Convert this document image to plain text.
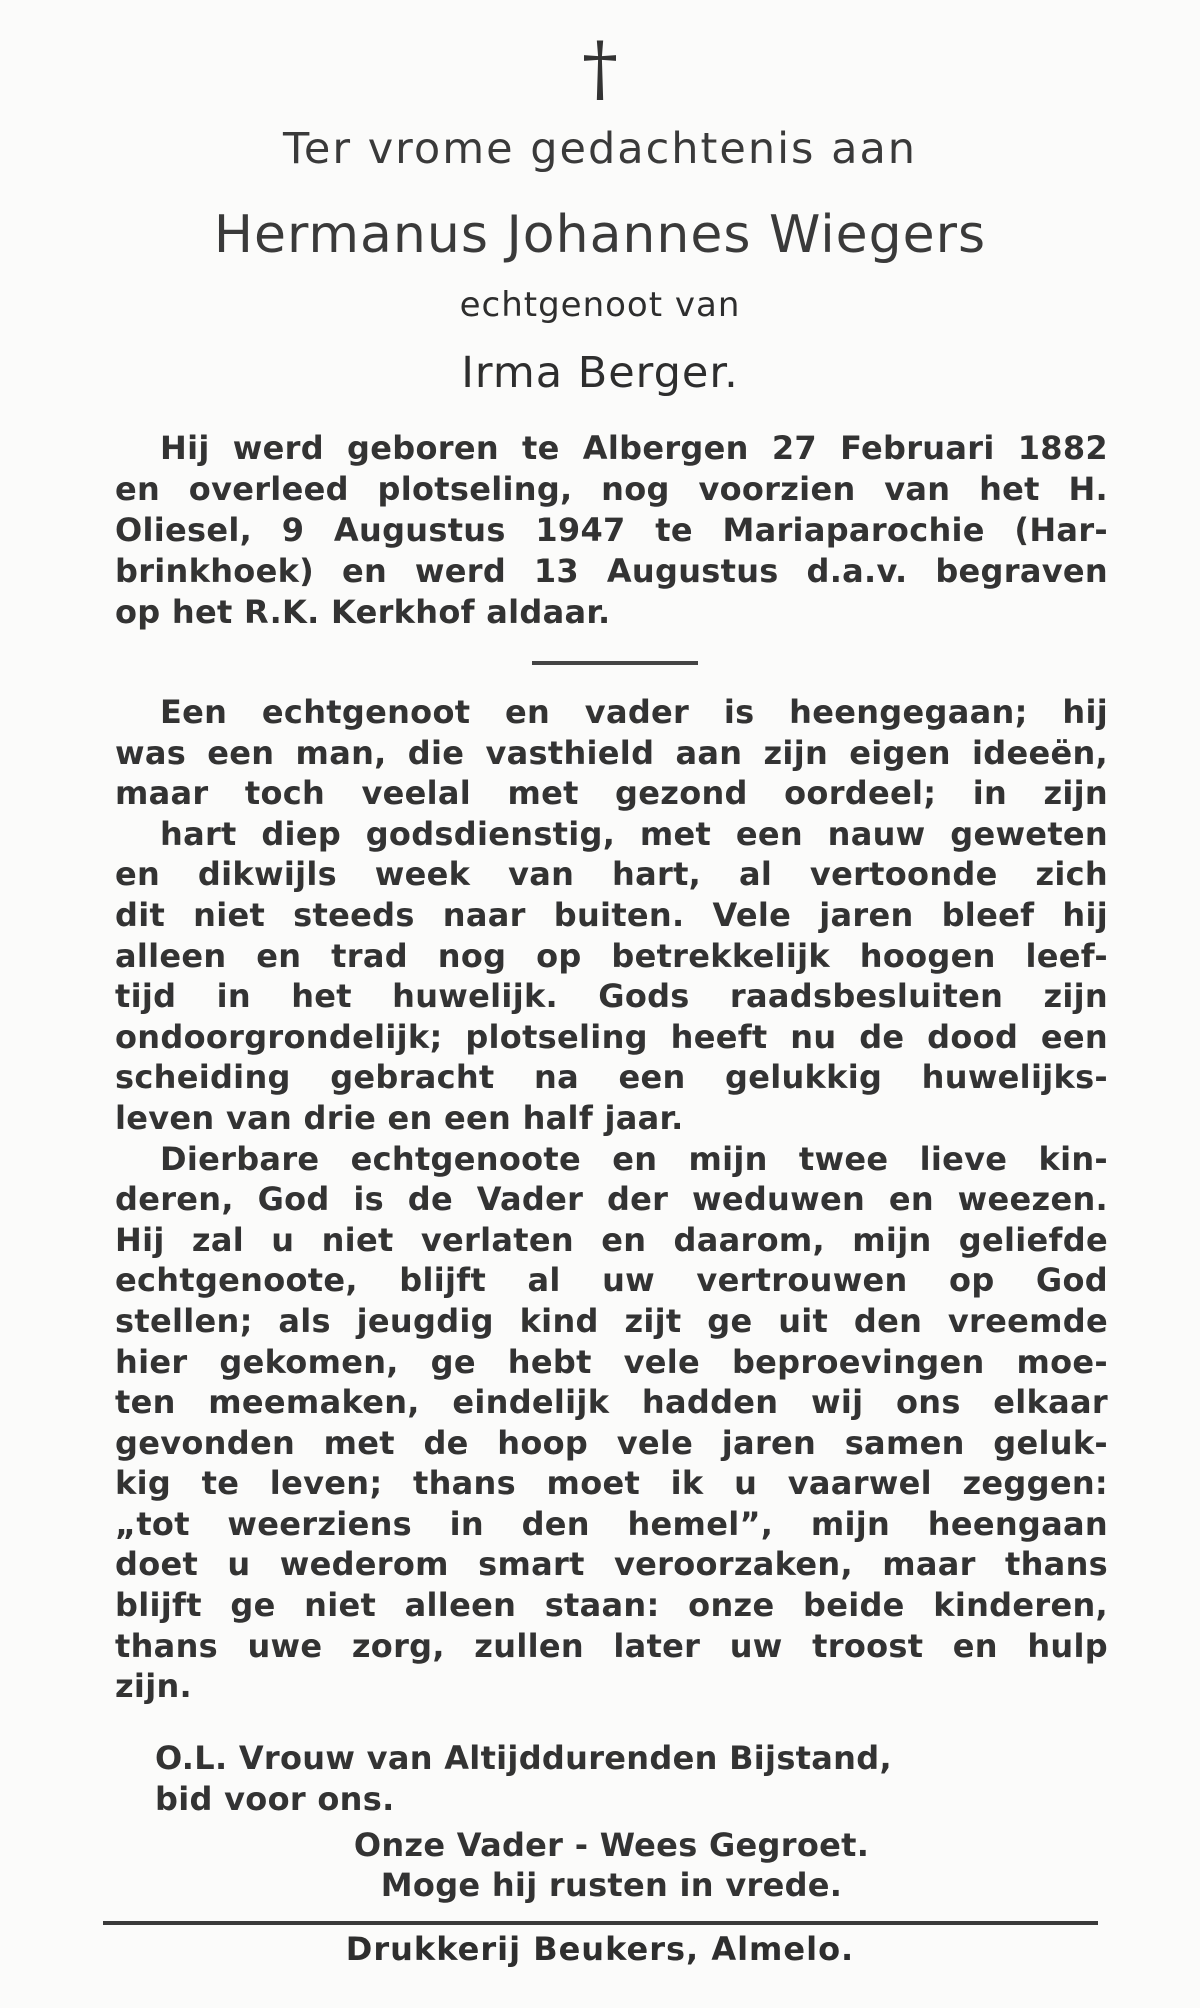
†
Ter vrome gedachtenis aan
Hermanus Johannes Wiegers
echtgenoot van
Irma Berger.
Hij werd geboren te Albergen 27 Februari 1882
en overleed plotseling, nog voorzien van het H.
Oliesel, 9 Augustus 1947 te Mariaparochie (Har-
brinkhoek) en werd 13 Augustus d.a.v. begraven
op het R.K. Kerkhof aldaar.
Een echtgenoot en vader is heengegaan; hij
was een man, die vasthield aan zijn eigen ideeën,
maar toch veelal met gezond oordeel; in zijn
hart diep godsdienstig, met een nauw geweten
en dikwijls week van hart, al vertoonde zich
dit niet steeds naar buiten. Vele jaren bleef hij
alleen en trad nog op betrekkelijk hoogen leef-
tijd in het huwelijk. Gods raadsbesluiten zijn
ondoorgrondelijk; plotseling heeft nu de dood een
scheiding gebracht na een gelukkig huwelijks-
leven van drie en een half jaar.
Dierbare echtgenoote en mijn twee lieve kin-
deren, God is de Vader der weduwen en weezen.
Hij zal u niet verlaten en daarom, mijn geliefde
echtgenoote, blijft al uw vertrouwen op God
stellen; als jeugdig kind zijt ge uit den vreemde
hier gekomen, ge hebt vele beproevingen moe-
ten meemaken, eindelijk hadden wij ons elkaar
gevonden met de hoop vele jaren samen geluk-
kig te leven; thans moet ik u vaarwel zeggen:
„tot weerziens in den hemel”, mijn heengaan
doet u wederom smart veroorzaken, maar thans
blijft ge niet alleen staan: onze beide kinderen,
thans uwe zorg, zullen later uw troost en hulp
zijn.
O.L. Vrouw van Altijddurenden Bijstand,
bid voor ons.
Onze Vader - Wees Gegroet.
Moge hij rusten in vrede.
Drukkerij Beukers, Almelo.
